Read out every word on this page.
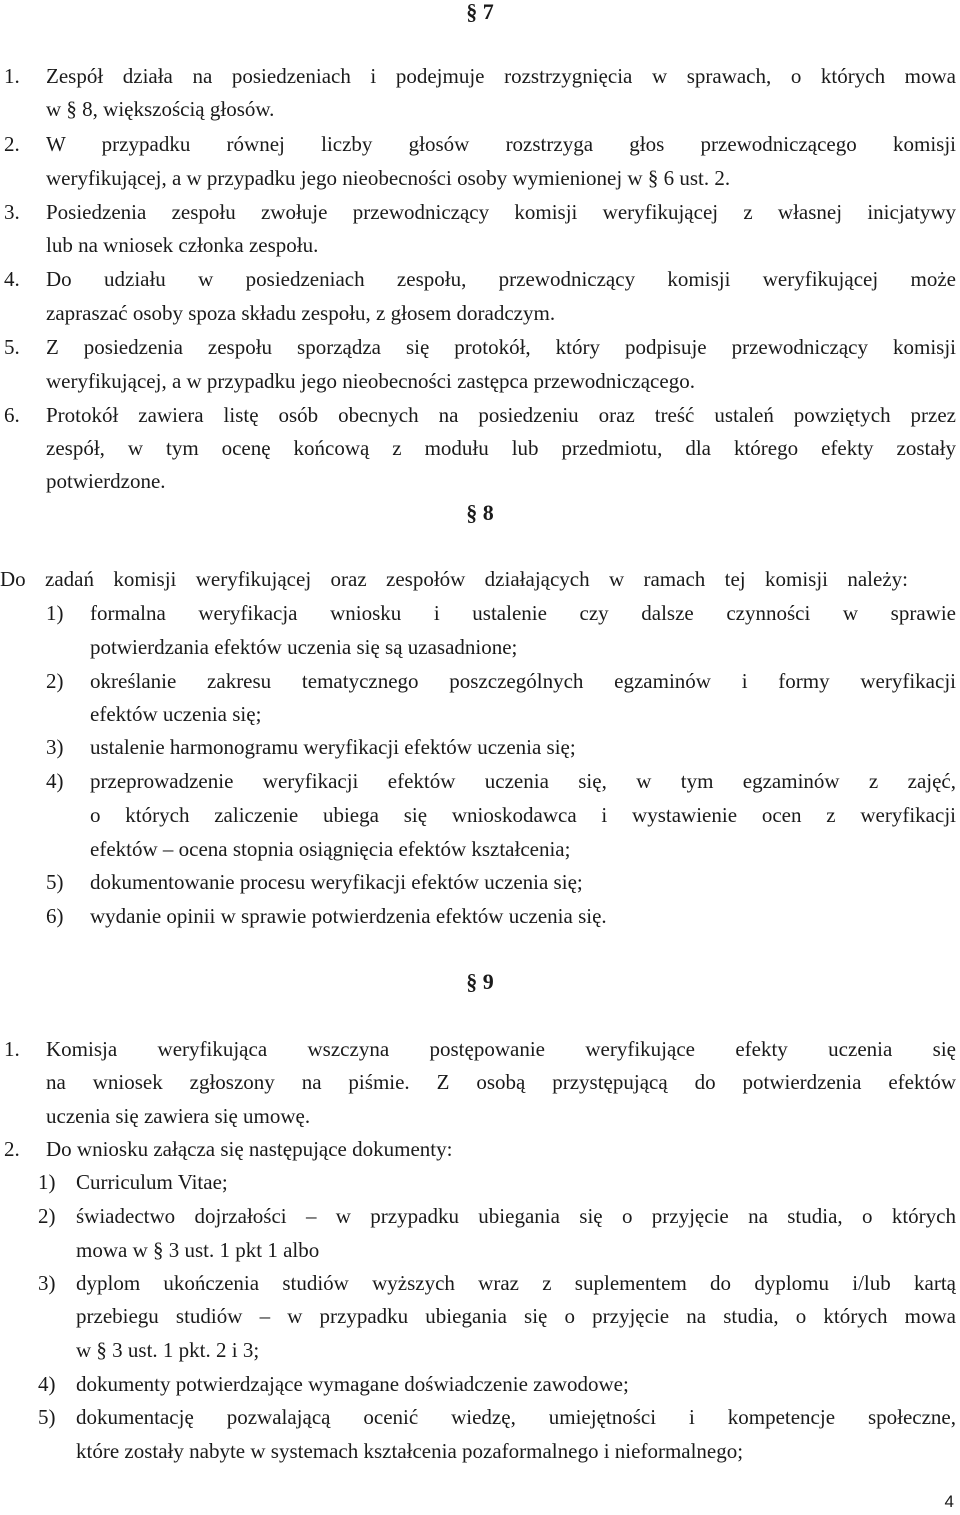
§ 7
1. Zespół działa na posiedzeniach i podejmuje rozstrzygnięcia w sprawach, o których mowa
w § 8, większością głosów.
2. W przypadku równej liczby głosów rozstrzyga głos przewodniczącego komisji
weryfikującej, a w przypadku jego nieobecności osoby wymienionej w § 6 ust. 2.
3. Posiedzenia zespołu zwołuje przewodniczący komisji weryfikującej z własnej inicjatywy
lub na wniosek członka zespołu.
4. Do udziału w posiedzeniach zespołu, przewodniczący komisji weryfikującej może
zapraszać osoby spoza składu zespołu, z głosem doradczym.
5. Z posiedzenia zespołu sporządza się protokół, który podpisuje przewodniczący komisji
weryfikującej, a w przypadku jego nieobecności zastępca przewodniczącego.
6. Protokół zawiera listę osób obecnych na posiedzeniu oraz treść ustaleń powziętych przez
zespół, w tym ocenę końcową z modułu lub przedmiotu, dla którego efekty zostały
potwierdzone.
§ 8
Do zadań komisji weryfikującej oraz zespołów działających w ramach tej komisji należy:
1) formalna weryfikacja wniosku i ustalenie czy dalsze czynności w sprawie
potwierdzania efektów uczenia się są uzasadnione;
2) określanie zakresu tematycznego poszczególnych egzaminów i formy weryfikacji
efektów uczenia się;
3) ustalenie harmonogramu weryfikacji efektów uczenia się;
4) przeprowadzenie weryfikacji efektów uczenia się, w tym egzaminów z zajęć,
o których zaliczenie ubiega się wnioskodawca i wystawienie ocen z weryfikacji
efektów – ocena stopnia osiągnięcia efektów kształcenia;
5) dokumentowanie procesu weryfikacji efektów uczenia się;
6) wydanie opinii w sprawie potwierdzenia efektów uczenia się.
§ 9
1. Komisja weryfikująca wszczyna postępowanie weryfikujące efekty uczenia się
na wniosek zgłoszony na piśmie. Z osobą przystępującą do potwierdzenia efektów
uczenia się zawiera się umowę.
2. Do wniosku załącza się następujące dokumenty:
1) Curriculum Vitae;
2) świadectwo dojrzałości – w przypadku ubiegania się o przyjęcie na studia, o których
mowa w § 3 ust. 1 pkt 1 albo
3) dyplom ukończenia studiów wyższych wraz z suplementem do dyplomu i/lub kartą
przebiegu studiów – w przypadku ubiegania się o przyjęcie na studia, o których mowa
w § 3 ust. 1 pkt. 2 i 3;
4) dokumenty potwierdzające wymagane doświadczenie zawodowe;
5) dokumentację pozwalającą ocenić wiedzę, umiejętności i kompetencje społeczne,
które zostały nabyte w systemach kształcenia pozaformalnego i nieformalnego;
4
